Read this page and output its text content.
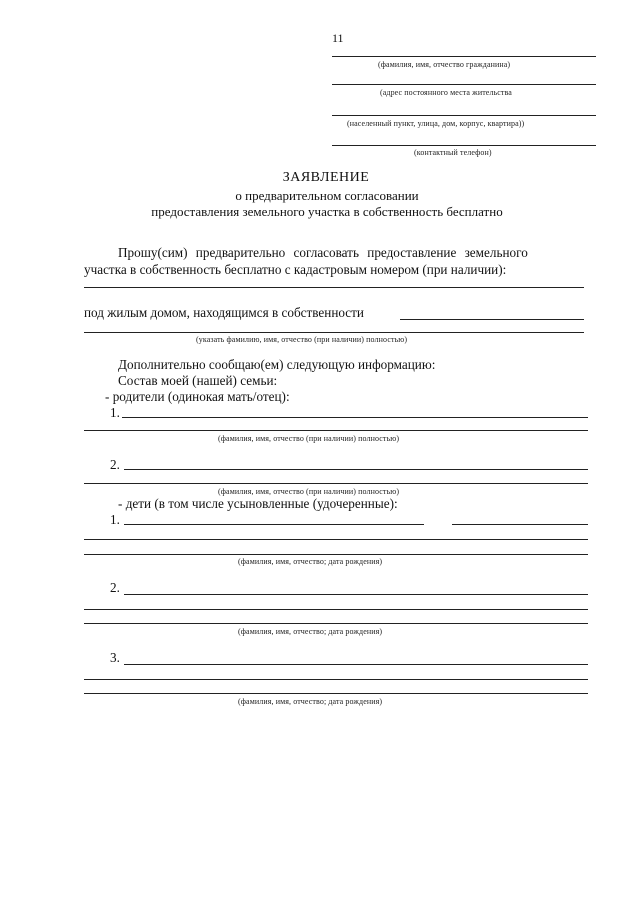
11
(фамилия, имя, отчество гражданина)
(адрес постоянного места жительства
(населенный пункт, улица, дом, корпус, квартира))
(контактный телефон)
ЗАЯВЛЕНИЕ
о предварительном согласовании
предоставления земельного участка в собственность бесплатно
Прошу(сим) предварительно согласовать предоставление земельного
участка в собственность бесплатно с кадастровым номером (при наличии):
под жилым домом, находящимся в собственности
(указать фамилию, имя, отчество (при наличии) полностью)
Дополнительно сообщаю(ем) следующую информацию:
Состав моей (нашей) семьи:
- родители (одинокая мать/отец):
1.
(фамилия, имя, отчество (при наличии) полностью)
2.
(фамилия, имя, отчество (при наличии) полностью)
- дети (в том числе усыновленные (удочеренные):
1.
(фамилия, имя, отчество; дата рождения)
2.
(фамилия, имя, отчество; дата рождения)
3.
(фамилия, имя, отчество; дата рождения)
